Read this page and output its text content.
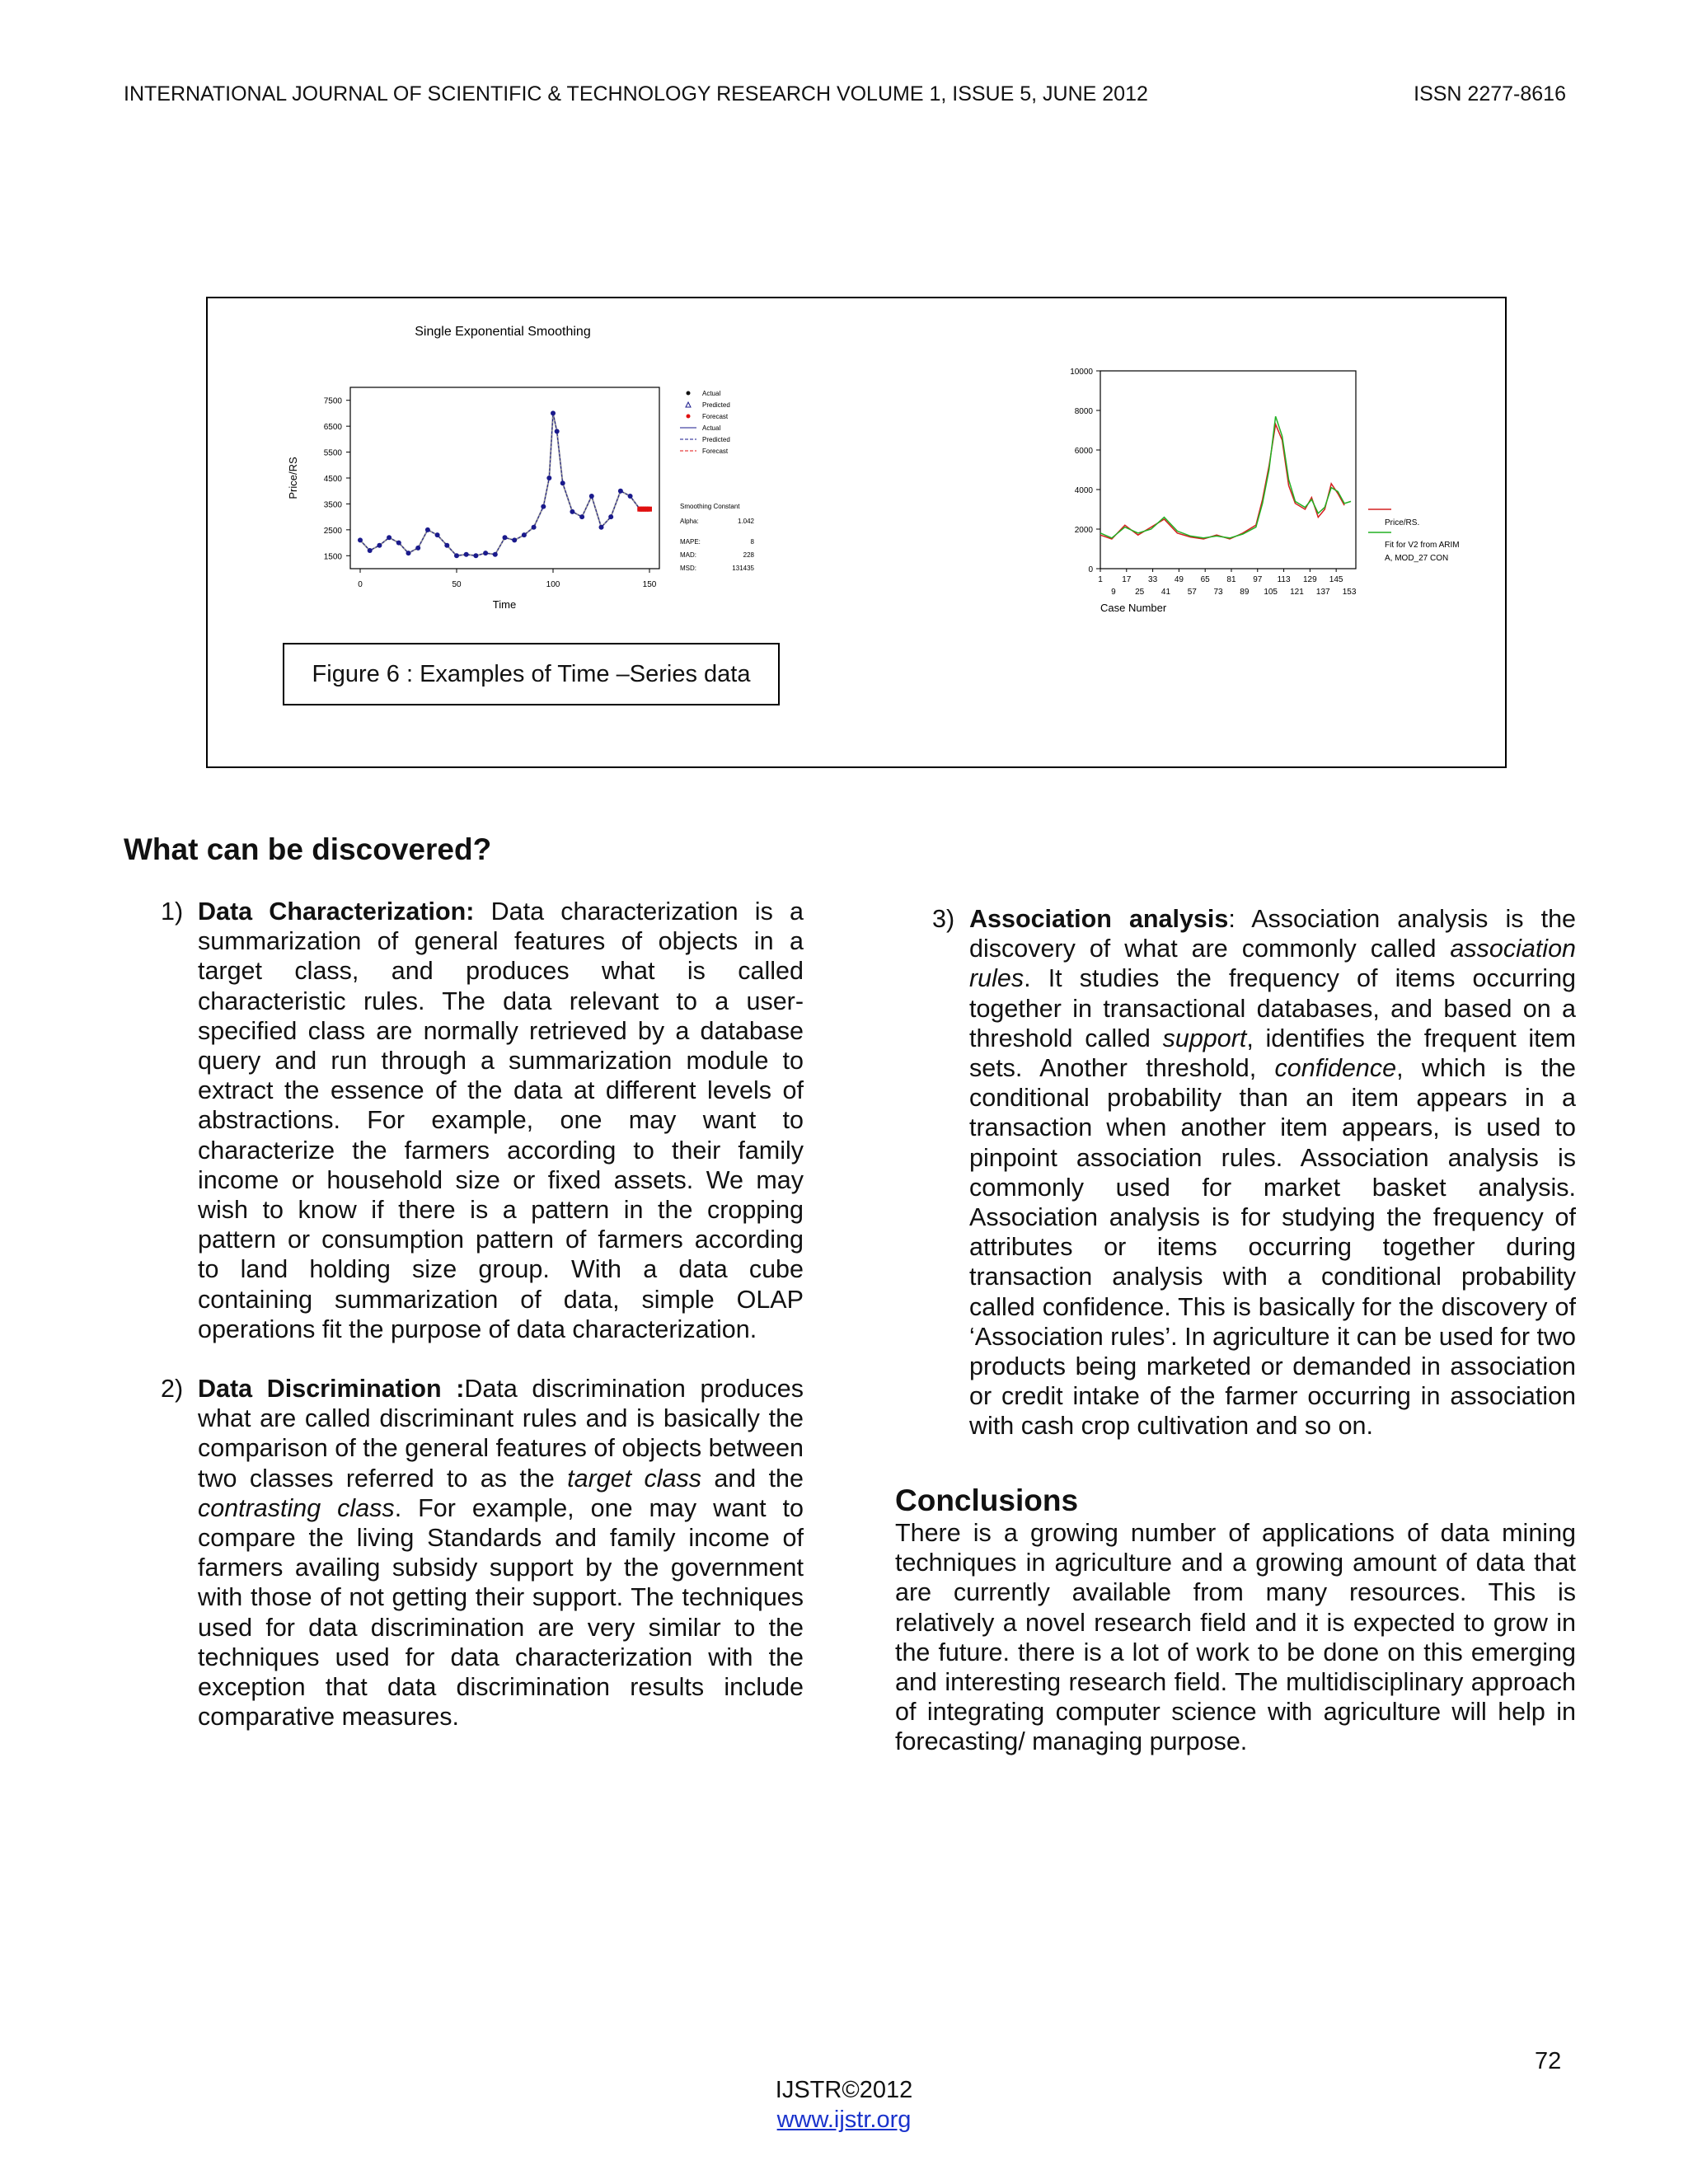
INTERNATIONAL JOURNAL OF SCIENTIFIC & TECHNOLOGY RESEARCH VOLUME 1, ISSUE 5, JUNE 2012	ISSN 2277-8616
Single Exponential Smoothing
Price/RS
Time
7500
6500
5500
4500
3500
2500
1500
0	50	100	150
Actual
Predicted
Forecast
Actual
Predicted
Forecast
Smoothing Constant
Alpha:	1.042
MAPE:	8
MAD:	228
MSD:	131435
10000
8000
6000
4000
2000
0
1 17 33 49 65 81 97 113 129 145
9 25 41 57 73 89 105 121 137 153
Case Number
Price/RS.
Fit for V2 from ARIM
A, MOD_27 CON
Figure 6 : Examples of Time –Series data
What can be discovered?
1) Data Characterization: Data characterization is a summarization of general features of objects in a target class, and produces what is called characteristic rules. The data relevant to a user-specified class are normally retrieved by a database query and run through a summarization module to extract the essence of the data at different levels of abstractions. For example, one may want to characterize the farmers according to their family income or household size or fixed assets. We may wish to know if there is a pattern in the cropping pattern or consumption pattern of farmers according to land holding size group. With a data cube containing summarization of data, simple OLAP operations fit the purpose of data characterization.
2) Data Discrimination :Data discrimination produces what are called discriminant rules and is basically the comparison of the general features of objects between two classes referred to as the target class and the contrasting class. For example, one may want to compare the living Standards and family income of farmers availing subsidy support by the government with those of not getting their support. The techniques used for data discrimination are very similar to the techniques used for data characterization with the exception that data discrimination results include comparative measures.
3) Association analysis: Association analysis is the discovery of what are commonly called association rules. It studies the frequency of items occurring together in transactional databases, and based on a threshold called support, identifies the frequent item sets. Another threshold, confidence, which is the conditional probability than an item appears in a transaction when another item appears, is used to pinpoint association rules. Association analysis is commonly used for market basket analysis. Association analysis is for studying the frequency of attributes or items occurring together during transaction analysis with a conditional probability called confidence. This is basically for the discovery of ‘Association rules’. In agriculture it can be used for two products being marketed or demanded in association or credit intake of the farmer occurring in association with cash crop cultivation and so on.
Conclusions
There is a growing number of applications of data mining techniques in agriculture and a growing amount of data that are currently available from many resources. This is relatively a novel research field and it is expected to grow in the future. there is a lot of work to be done on this emerging and interesting research field. The multidisciplinary approach of integrating computer science with agriculture will help in forecasting/ managing purpose.
72
IJSTR©2012
www.ijstr.org
